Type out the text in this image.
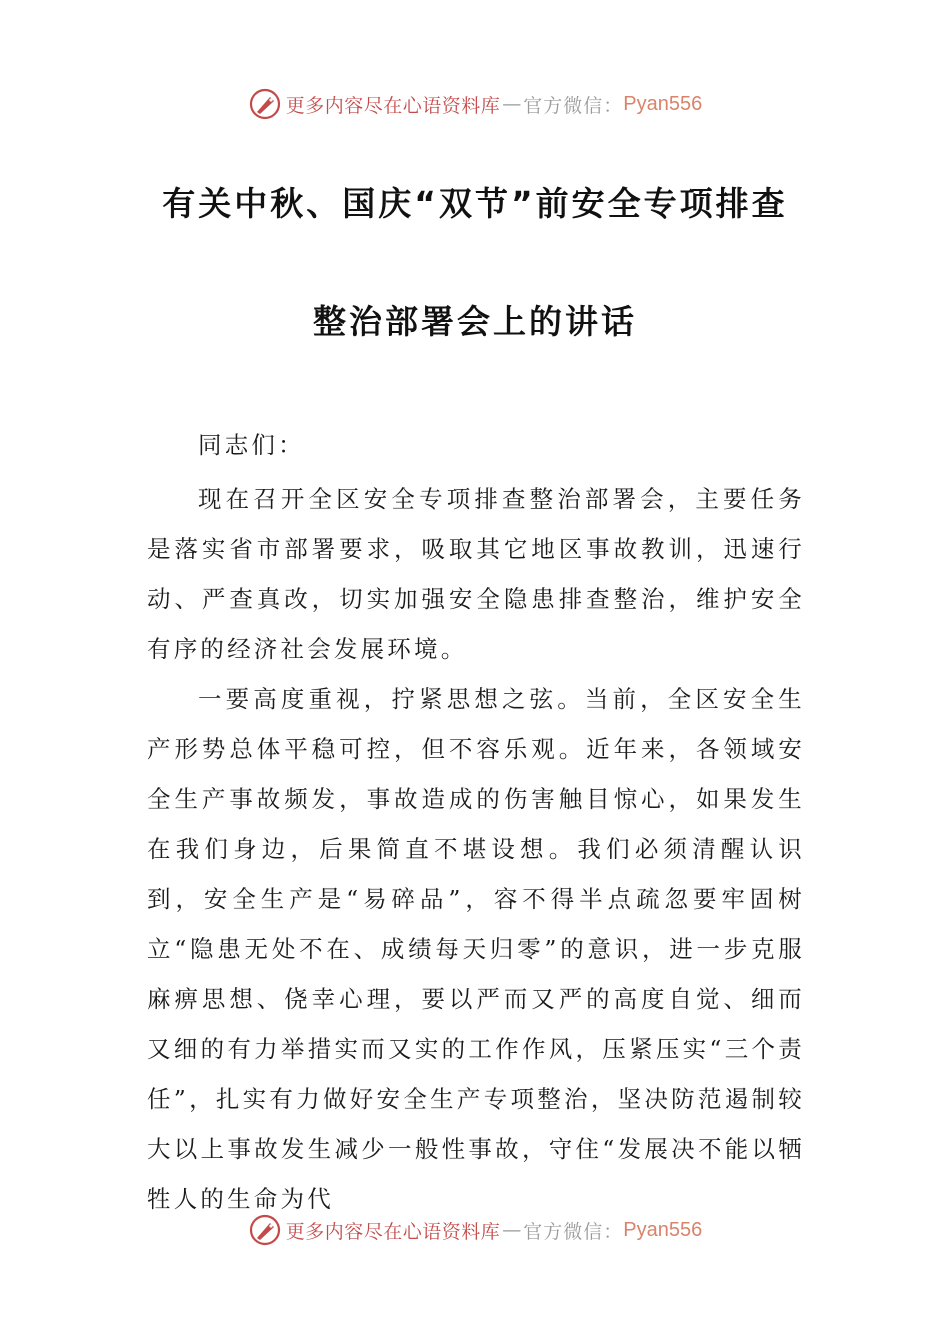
更多内容尽在心语资料库 — 官方微信： Pyan556
有关中秋、国庆“双节”前安全专项排查
整治部署会上的讲话
同志们：

现在召开全区安全专项排查整治部署会，主要任务是落实省市部署要求，吸取其它地区事故教训，迅速行动、严查真改，切实加强安全隐患排查整治，维护安全有序的经济社会发展环境。

一要高度重视，拧紧思想之弦。当前，全区安全生产形势总体平稳可控，但不容乐观。近年来，各领域安全生产事故频发，事故造成的伤害触目惊心，如果发生在我们身边，后果简直不堪设想。我们必须清醒认识到，安全生产是“易碎品”，容不得半点疏忽要牢固树立“隐患无处不在、成绩每天归零”的意识，进一步克服麻痹思想、侥幸心理，要以严而又严的高度自觉、细而又细的有力举措实而又实的工作作风，压紧压实“三个责任”，扎实有力做好安全生产专项整治，坚决防范遏制较大以上事故发生减少一般性事故，守住“发展决不能以牺牲人的生命为代

更多内容尽在心语资料库 — 官方微信： Pyan556
